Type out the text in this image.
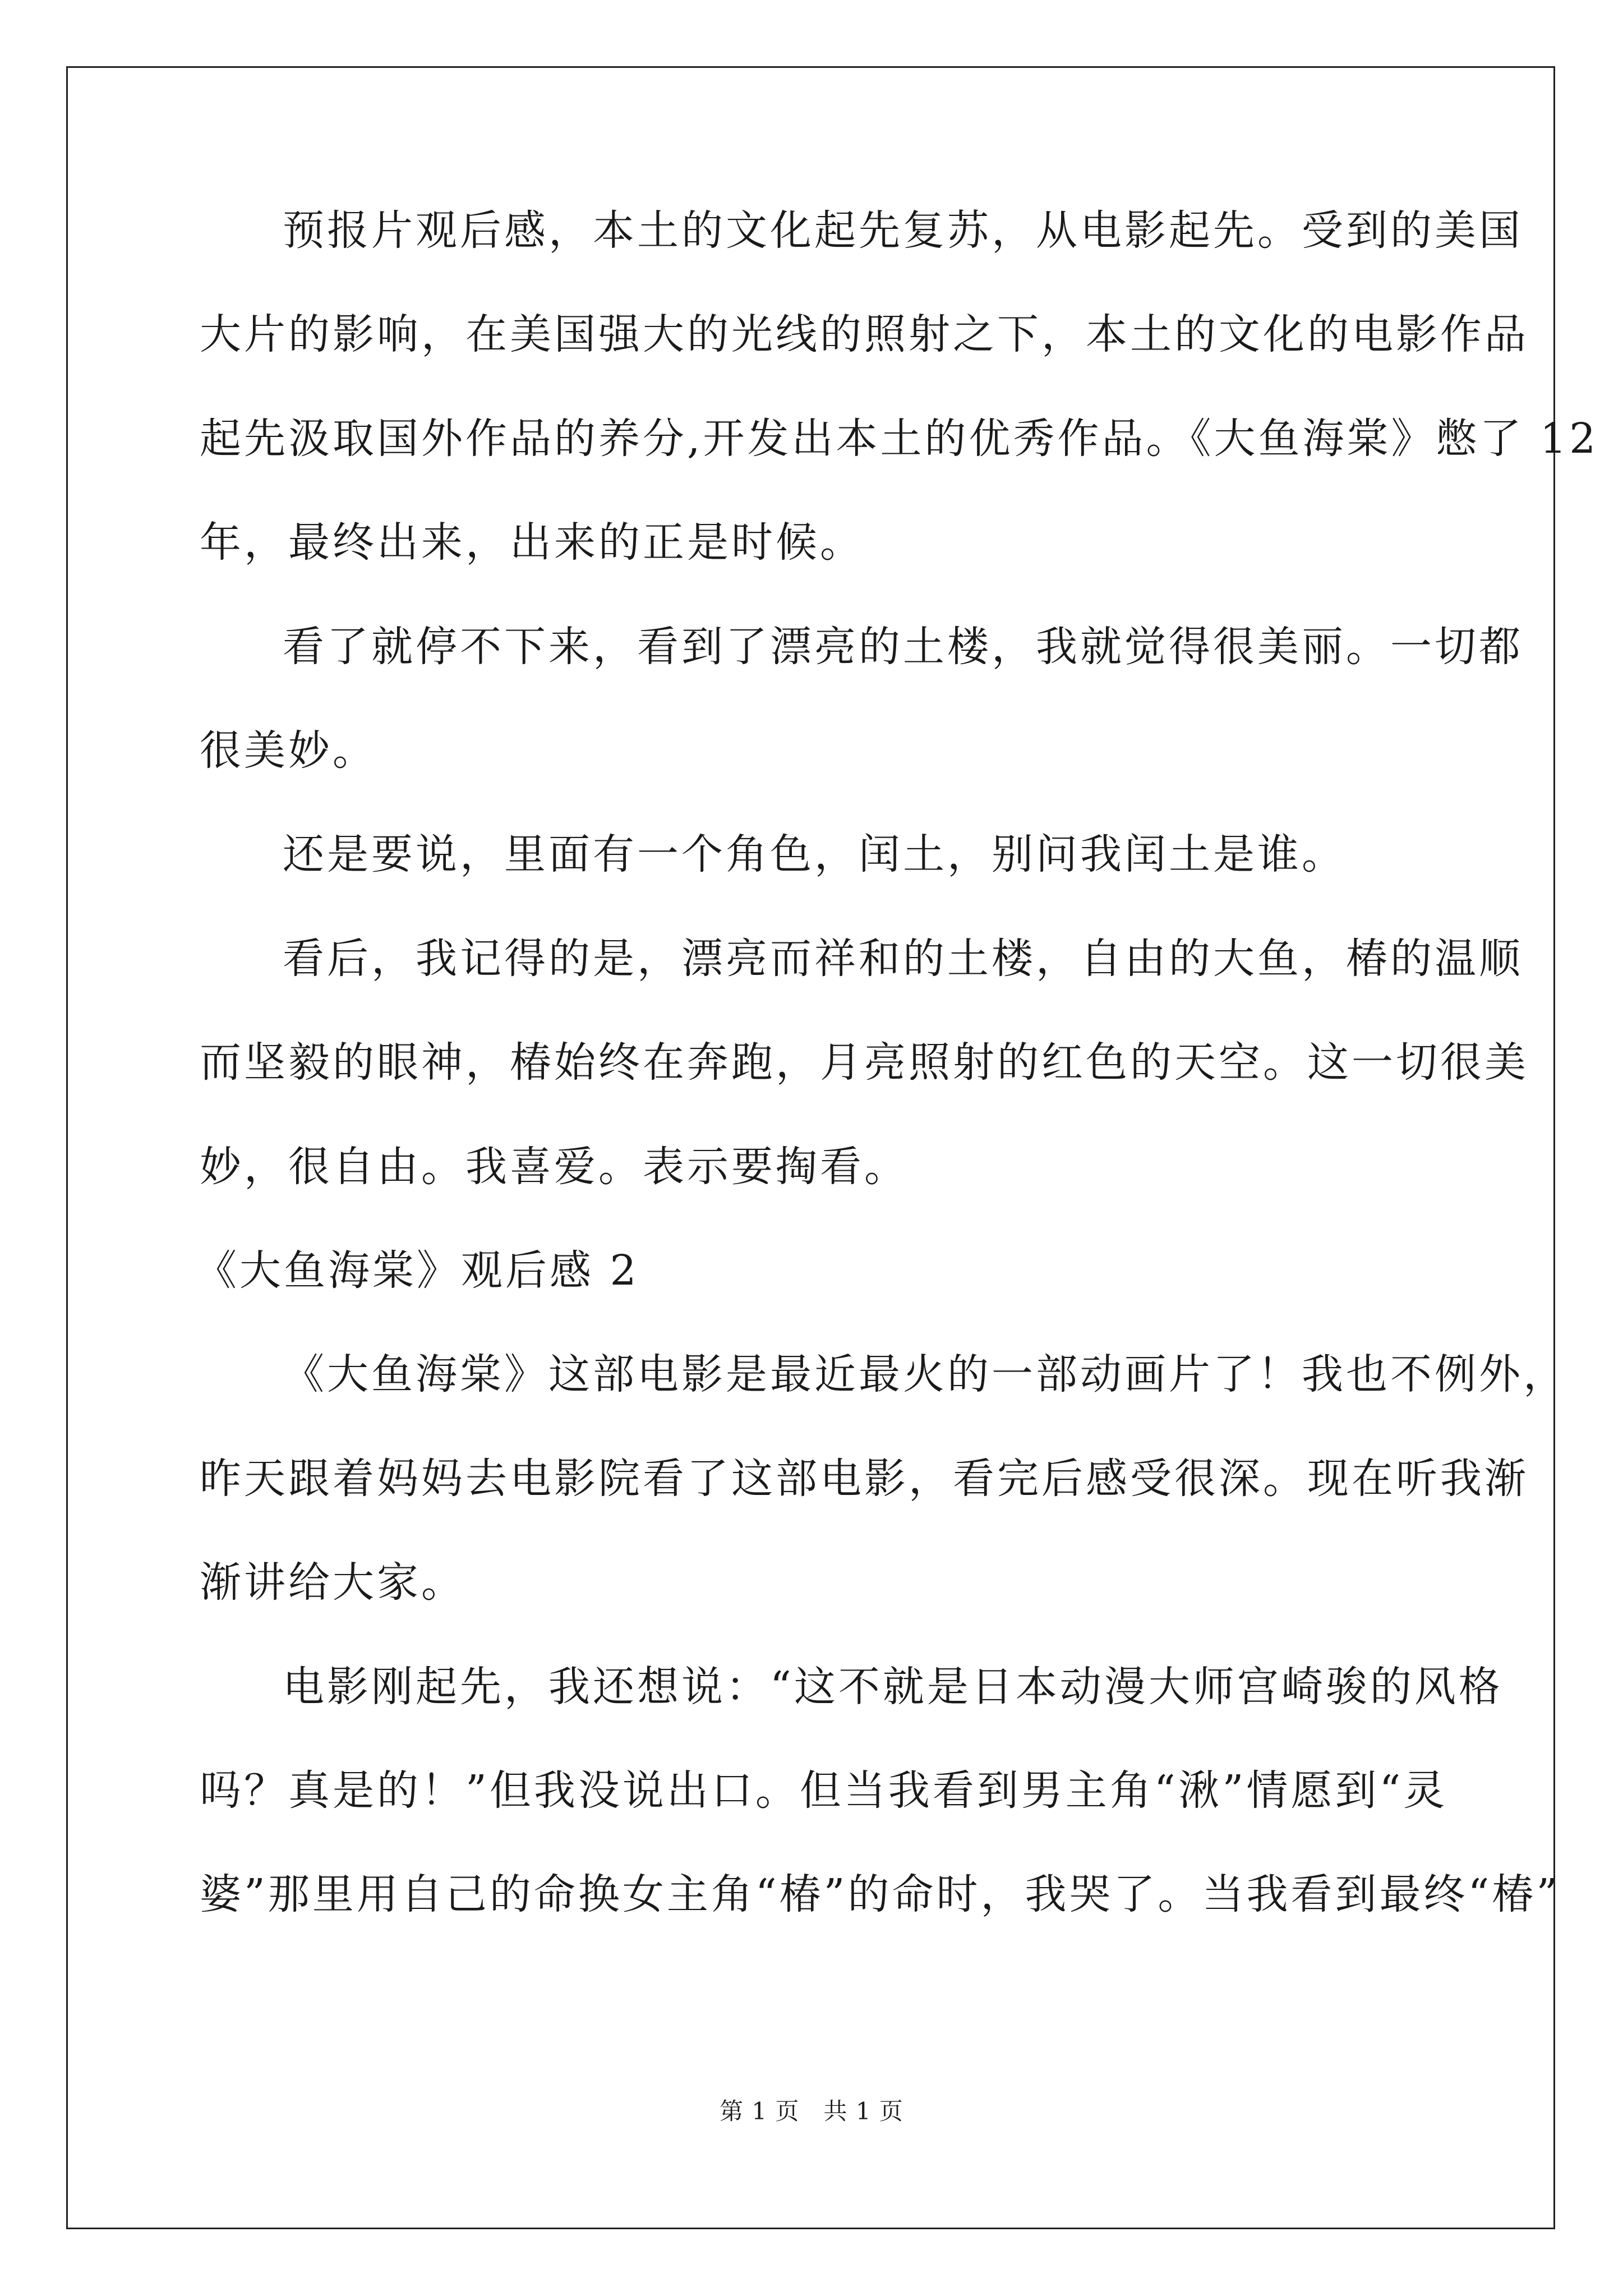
预报片观后感，本土的文化起先复苏，从电影起先。受到的美国
大片的影响，在美国强大的光线的照射之下，本土的文化的电影作品
起先汲取国外作品的养分,开发出本土的优秀作品。《大鱼海棠》憋了 12
年，最终出来，出来的正是时候。
看了就停不下来，看到了漂亮的土楼，我就觉得很美丽。一切都
很美妙。
还是要说，里面有一个角色，闰土，别问我闰土是谁。
看后，我记得的是，漂亮而祥和的土楼，自由的大鱼，椿的温顺
而坚毅的眼神，椿始终在奔跑，月亮照射的红色的天空。这一切很美
妙，很自由。我喜爱。表示要掏看。
《大鱼海棠》观后感 2
《大鱼海棠》这部电影是最近最火的一部动画片了！我也不例外，
昨天跟着妈妈去电影院看了这部电影，看完后感受很深。现在听我渐
渐讲给大家。
电影刚起先，我还想说：“这不就是日本动漫大师宫崎骏的风格
吗？真是的！”但我没说出口。但当我看到男主角“湫”情愿到“灵
婆”那里用自己的命换女主角“椿”的命时，我哭了。当我看到最终“椿”
第 1 页　共 1 页
